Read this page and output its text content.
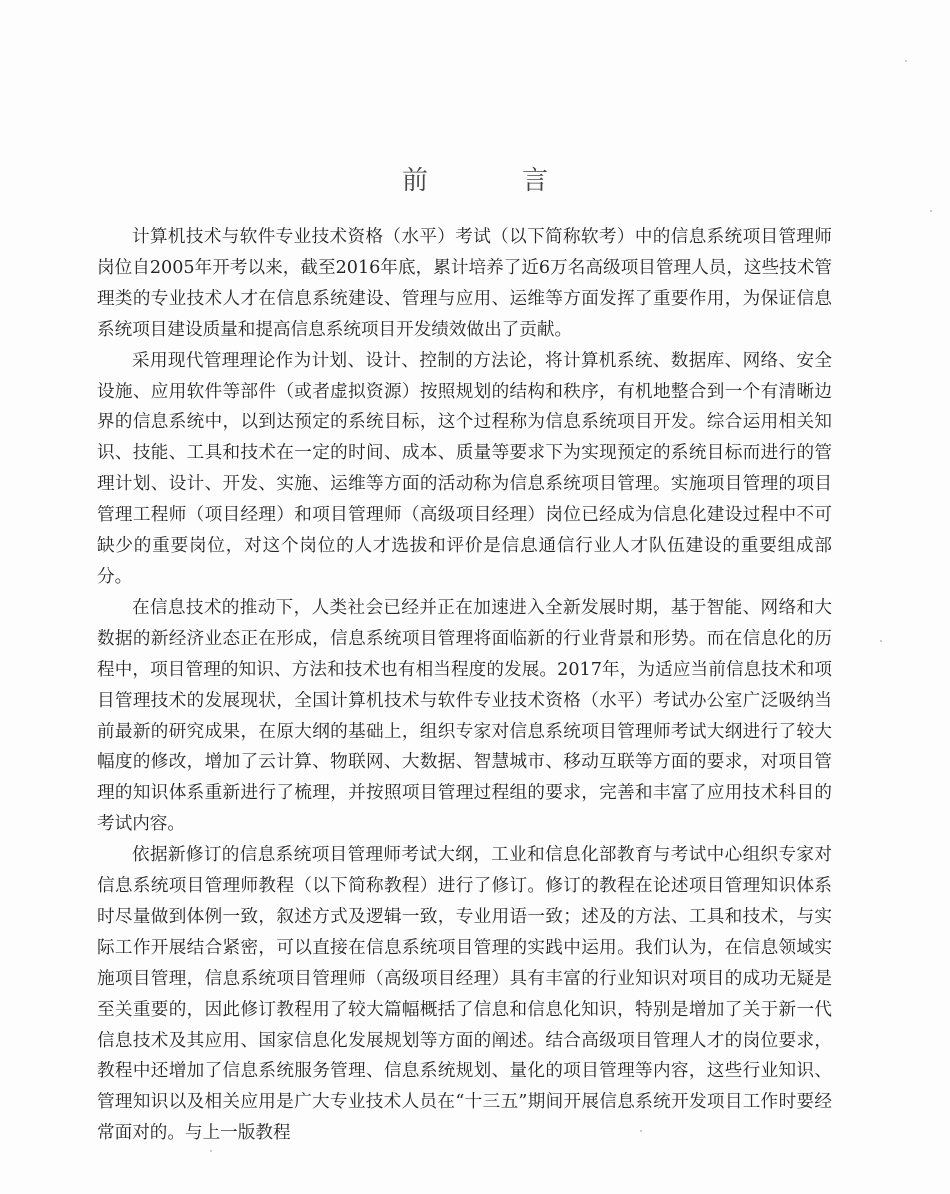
前　言

计算机技术与软件专业技术资格（水平）考试（以下简称软考）中的信息系统项目管理师岗位自2005年开考以来，截至2016年底，累计培养了近6万名高级项目管理人员，这些技术管理类的专业技术人才在信息系统建设、管理与应用、运维等方面发挥了重要作用，为保证信息系统项目建设质量和提高信息系统项目开发绩效做出了贡献。

采用现代管理理论作为计划、设计、控制的方法论，将计算机系统、数据库、网络、安全设施、应用软件等部件（或者虚拟资源）按照规划的结构和秩序，有机地整合到一个有清晰边界的信息系统中，以到达预定的系统目标，这个过程称为信息系统项目开发。综合运用相关知识、技能、工具和技术在一定的时间、成本、质量等要求下为实现预定的系统目标而进行的管理计划、设计、开发、实施、运维等方面的活动称为信息系统项目管理。实施项目管理的项目管理工程师（项目经理）和项目管理师（高级项目经理）岗位已经成为信息化建设过程中不可缺少的重要岗位，对这个岗位的人才选拔和评价是信息通信行业人才队伍建设的重要组成部分。

在信息技术的推动下，人类社会已经并正在加速进入全新发展时期，基于智能、网络和大数据的新经济业态正在形成，信息系统项目管理将面临新的行业背景和形势。而在信息化的历程中，项目管理的知识、方法和技术也有相当程度的发展。2017年，为适应当前信息技术和项目管理技术的发展现状，全国计算机技术与软件专业技术资格（水平）考试办公室广泛吸纳当前最新的研究成果，在原大纲的基础上，组织专家对信息系统项目管理师考试大纲进行了较大幅度的修改，增加了云计算、物联网、大数据、智慧城市、移动互联等方面的要求，对项目管理的知识体系重新进行了梳理，并按照项目管理过程组的要求，完善和丰富了应用技术科目的考试内容。

依据新修订的信息系统项目管理师考试大纲，工业和信息化部教育与考试中心组织专家对信息系统项目管理师教程（以下简称教程）进行了修订。修订的教程在论述项目管理知识体系时尽量做到体例一致，叙述方式及逻辑一致，专业用语一致；述及的方法、工具和技术，与实际工作开展结合紧密，可以直接在信息系统项目管理的实践中运用。我们认为，在信息领域实施项目管理，信息系统项目管理师（高级项目经理）具有丰富的行业知识对项目的成功无疑是至关重要的，因此修订教程用了较大篇幅概括了信息和信息化知识，特别是增加了关于新一代信息技术及其应用、国家信息化发展规划等方面的阐述。结合高级项目管理人才的岗位要求，教程中还增加了信息系统服务管理、信息系统规划、量化的项目管理等内容，这些行业知识、管理知识以及相关应用是广大专业技术人员在“十三五”期间开展信息系统开发项目工作时要经常面对的。与上一版教程
